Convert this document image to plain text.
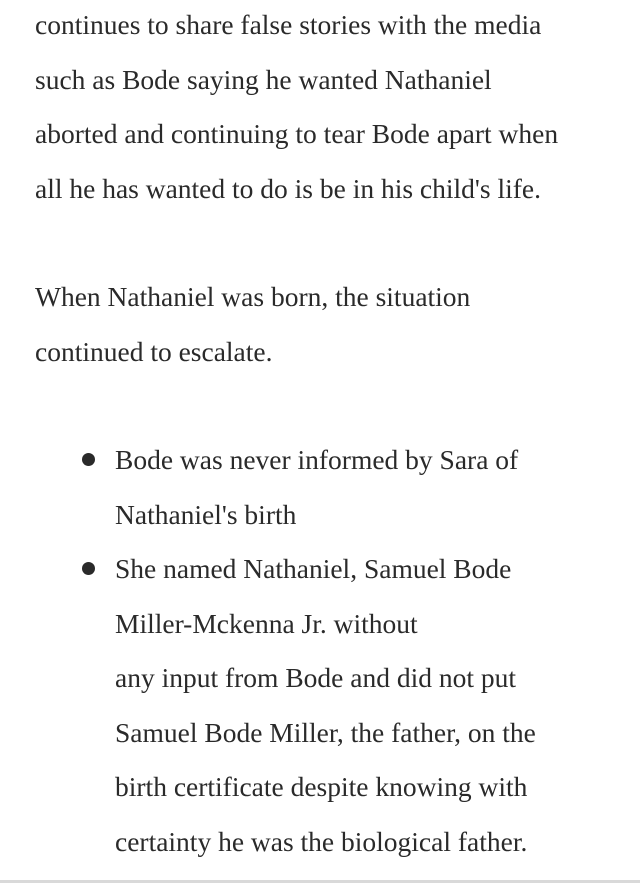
continues to share false stories with the media
such as Bode saying he wanted Nathaniel
aborted and continuing to tear Bode apart when
all he has wanted to do is be in his child's life.

When Nathaniel was born, the situation
continued to escalate.

Bode was never informed by Sara of
Nathaniel's birth
She named Nathaniel, Samuel Bode
Miller-Mckenna Jr. without
any input from Bode and did not put
Samuel Bode Miller, the father, on the
birth certificate despite knowing with
certainty he was the biological father.
